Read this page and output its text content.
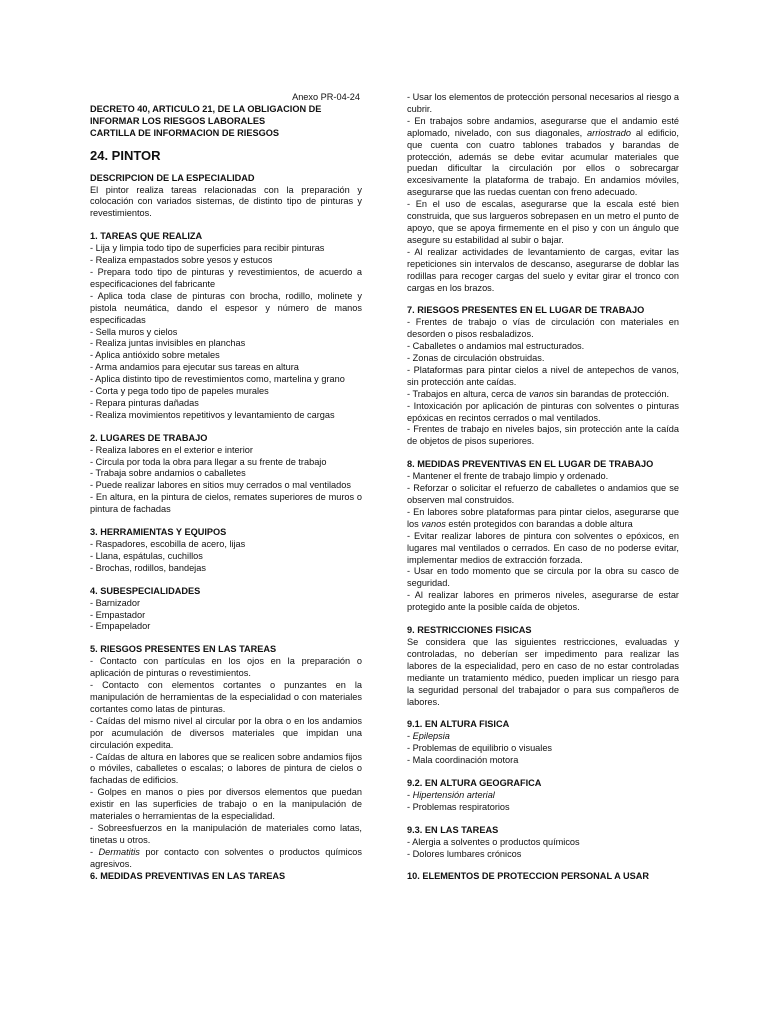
Anexo PR-04-24
DECRETO 40, ARTICULO 21, DE LA OBLIGACION DE
INFORMAR LOS RIESGOS LABORALES
CARTILLA DE INFORMACION DE RIESGOS
24. PINTOR
DESCRIPCION DE LA ESPECIALIDAD
El pintor realiza tareas relacionadas con la preparación y colocación con variados sistemas, de distinto tipo de pinturas y revestimientos.
1. TAREAS QUE REALIZA
- Lija y limpia todo tipo de superficies para recibir pinturas
- Realiza empastados sobre yesos y estucos
- Prepara todo tipo de pinturas y revestimientos, de acuerdo a especificaciones del fabricante
- Aplica toda clase de pinturas con brocha, rodillo, molinete y pistola neumática, dando el espesor y número de manos especificadas
- Sella muros y cielos
- Realiza juntas invisibles en planchas
- Aplica antióxido sobre metales
- Arma andamios para ejecutar sus tareas en altura
- Aplica distinto tipo de revestimientos como, martelina y grano
- Corta y pega todo tipo de papeles murales
- Repara pinturas dañadas
- Realiza movimientos repetitivos y levantamiento de cargas
2. LUGARES DE TRABAJO
- Realiza labores en el exterior e interior
- Circula por toda la obra para llegar a su frente de trabajo
- Trabaja sobre andamios o caballetes
- Puede realizar labores en sitios muy cerrados o mal ventilados
- En altura, en la pintura de cielos, remates superiores de muros o pintura de fachadas
3. HERRAMIENTAS Y EQUIPOS
- Raspadores, escobilla de acero, lijas
- Llana, espátulas, cuchillos
- Brochas, rodillos, bandejas
4. SUBESPECIALIDADES
- Barnizador
- Empastador
- Empapelador
5. RIESGOS PRESENTES EN LAS TAREAS
- Contacto con partículas en los ojos en la preparación o aplicación de pinturas o revestimientos.
- Contacto con elementos cortantes o punzantes en la manipulación de herramientas de la especialidad o con materiales cortantes como latas de pinturas.
- Caídas del mismo nivel al circular por la obra o en los andamios por acumulación de diversos materiales que impidan una circulación expedita.
- Caídas de altura en labores que se realicen sobre andamios fijos o móviles, caballetes o escalas; o labores de pintura de cielos o fachadas de edificios.
- Golpes en manos o pies por diversos elementos que puedan existir en las superficies de trabajo o en la manipulación de materiales o herramientas de la especialidad.
- Sobreesfuerzos en la manipulación de materiales como latas, tinetas u otros.
- Dermatitis por contacto con solventes o productos químicos agresivos.
6. MEDIDAS PREVENTIVAS EN LAS TAREAS
- Usar los elementos de protección personal necesarios al riesgo a cubrir.
- En trabajos sobre andamios, asegurarse que el andamio esté aplomado, nivelado, con sus diagonales, arriostrado al edificio, que cuenta con cuatro tablones trabados y barandas de protección, además se debe evitar acumular materiales que puedan dificultar la circulación por ellos o sobrecargar excesivamente la plataforma de trabajo. En andamios móviles, asegurarse que las ruedas cuentan con freno adecuado.
- En el uso de escalas, asegurarse que la escala esté bien construida, que sus largueros sobrepasen en un metro el punto de apoyo, que se apoya firmemente en el piso y con un ángulo que asegure su estabilidad al subir o bajar.
- Al realizar actividades de levantamiento de cargas, evitar las repeticiones sin intervalos de descanso, asegurarse de doblar las rodillas para recoger cargas del suelo y evitar girar el tronco con cargas en los brazos.
7. RIESGOS PRESENTES EN EL LUGAR DE TRABAJO
- Frentes de trabajo o vías de circulación con materiales en desorden o pisos resbaladizos.
- Caballetes o andamios mal estructurados.
- Zonas de circulación obstruidas.
- Plataformas para pintar cielos a nivel de antepechos de vanos, sin protección ante caídas.
- Trabajos en altura, cerca de vanos sin barandas de protección.
- Intoxicación por aplicación de pinturas con solventes o pinturas epóxicas en recintos cerrados o mal ventilados.
- Frentes de trabajo en niveles bajos, sin protección ante la caída de objetos de pisos superiores.
8. MEDIDAS PREVENTIVAS EN EL LUGAR DE TRABAJO
- Mantener el frente de trabajo limpio y ordenado.
- Reforzar o solicitar el refuerzo de caballetes o andamios que se observen mal construidos.
- En labores sobre plataformas para pintar cielos, asegurarse que los vanos estén protegidos con barandas a doble altura
- Evitar realizar labores de pintura con solventes o epóxicos, en lugares mal ventilados o cerrados. En caso de no poderse evitar, implementar medios de extracción forzada.
- Usar en todo momento que se circula por la obra su casco de seguridad.
- Al realizar labores en primeros niveles, asegurarse de estar protegido ante la posible caída de objetos.
9. RESTRICCIONES FISICAS
Se considera que las siguientes restricciones, evaluadas y controladas, no deberían ser impedimento para realizar las labores de la especialidad, pero en caso de no estar controladas mediante un tratamiento médico, pueden implicar un riesgo para la seguridad personal del trabajador o para sus compañeros de labores.
9.1. EN ALTURA FISICA
- Epilepsia
- Problemas de equilibrio o visuales
- Mala coordinación motora
9.2. EN ALTURA GEOGRAFICA
- Hipertensión arterial
- Problemas respiratorios
9.3. EN LAS TAREAS
- Alergia a solventes o productos químicos
- Dolores lumbares crónicos
10. ELEMENTOS DE PROTECCION PERSONAL A USAR
